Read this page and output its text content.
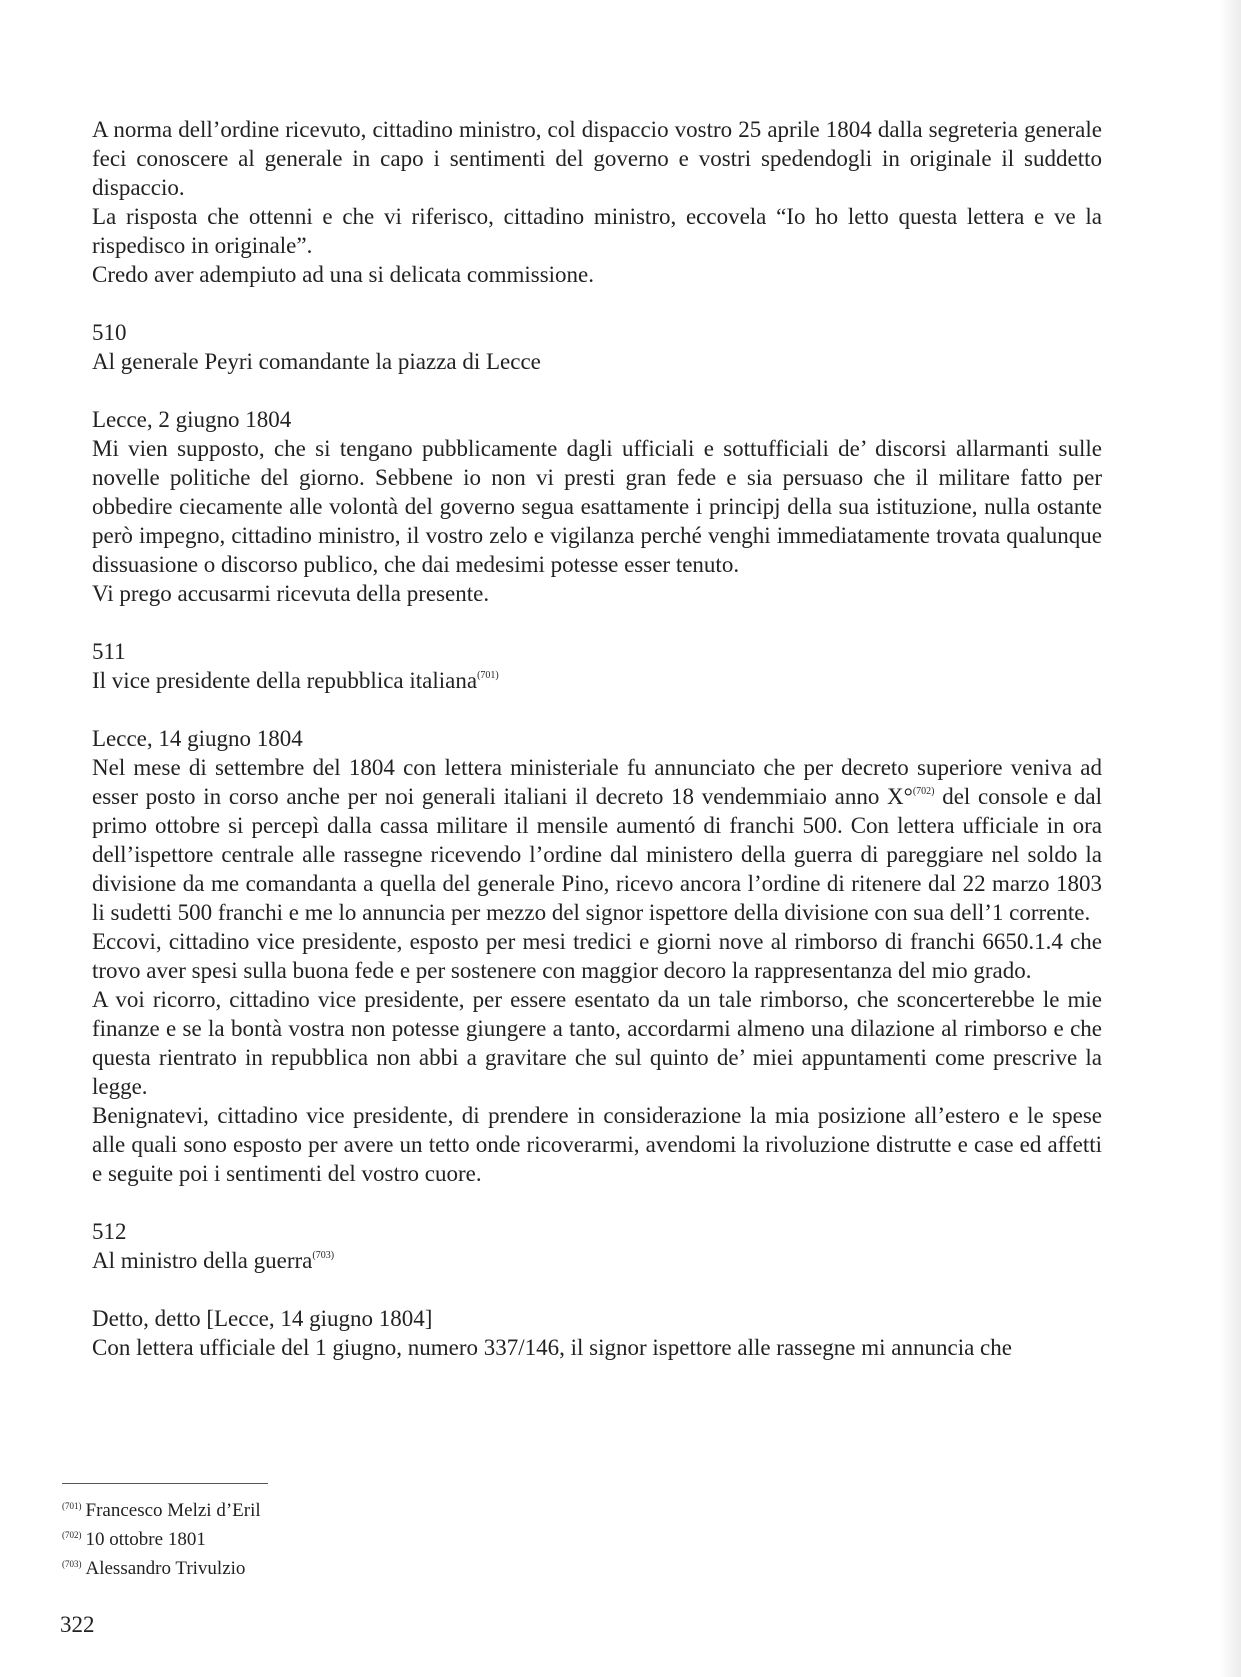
A norma dell’ordine ricevuto, cittadino ministro, col dispaccio vostro 25 aprile 1804 dalla segreteria generale feci conoscere al generale in capo i sentimenti del governo e vostri spedendogli in originale il suddetto dispaccio.

La risposta che ottenni e che vi riferisco, cittadino ministro, eccovela “Io ho letto questa lettera e ve la rispedisco in originale”.

Credo aver adempiuto ad una si delicata commissione.

510

Al generale Peyri comandante la piazza di Lecce

Lecce, 2 giugno 1804

Mi vien supposto, che si tengano pubblicamente dagli ufficiali e sottufficiali de’ discorsi allarmanti sulle novelle politiche del giorno. Sebbene io non vi presti gran fede e sia persuaso che il militare fatto per obbedire ciecamente alle volontà del governo segua esattamente i principj della sua istituzione, nulla ostante però impegno, cittadino ministro, il vostro zelo e vigilanza perché venghi immediatamente trovata qualunque dissuasione o discorso publico, che dai medesimi potesse esser tenuto.

Vi prego accusarmi ricevuta della presente.

511

Il vice presidente della repubblica italiana$^{(701)}$

Lecce, 14 giugno 1804

Nel mese di settembre del 1804 con lettera ministeriale fu annunciato che per decreto superiore veniva ad esser posto in corso anche per noi generali italiani il decreto 18 vendemmiaio anno X°$^{(702)}$ del console e dal primo ottobre si percepì dalla cassa militare il mensile aumentó di franchi 500. Con lettera ufficiale in ora dell’ispettore centrale alle rassegne ricevendo l’ordine dal ministero della guerra di pareggiare nel soldo la divisione da me comandanta a quella del generale Pino, ricevo ancora l’ordine di ritenere dal 22 marzo 1803 li sudetti 500 franchi e me lo annuncia per mezzo del signor ispettore della divisione con sua dell’1 corrente.

Eccovi, cittadino vice presidente, esposto per mesi tredici e giorni nove al rimborso di franchi 6650.1.4 che trovo aver spesi sulla buona fede e per sostenere con maggior decoro la rappresentanza del mio grado.

A voi ricorro, cittadino vice presidente, per essere esentato da un tale rimborso, che sconcerterebbe le mie finanze e se la bontà vostra non potesse giungere a tanto, accordarmi almeno una dilazione al rimborso e che questa rientrato in repubblica non abbi a gravitare che sul quinto de’ miei appuntamenti come prescrive la legge.

Benignatevi, cittadino vice presidente, di prendere in considerazione la mia posizione all’estero e le spese alle quali sono esposto per avere un tetto onde ricoverarmi, avendomi la rivoluzione distrutte e case ed affetti e seguite poi i sentimenti del vostro cuore.

512

Al ministro della guerra$^{(703)}$

Detto, detto [Lecce, 14 giugno 1804]

Con lettera ufficiale del 1 giugno, numero 337/146, il signor ispettore alle rassegne mi annuncia che

$^{(701)}$ Francesco Melzi d’Eril

$^{(702)}$ 10 ottobre 1801

$^{(703)}$ Alessandro Trivulzio

322
